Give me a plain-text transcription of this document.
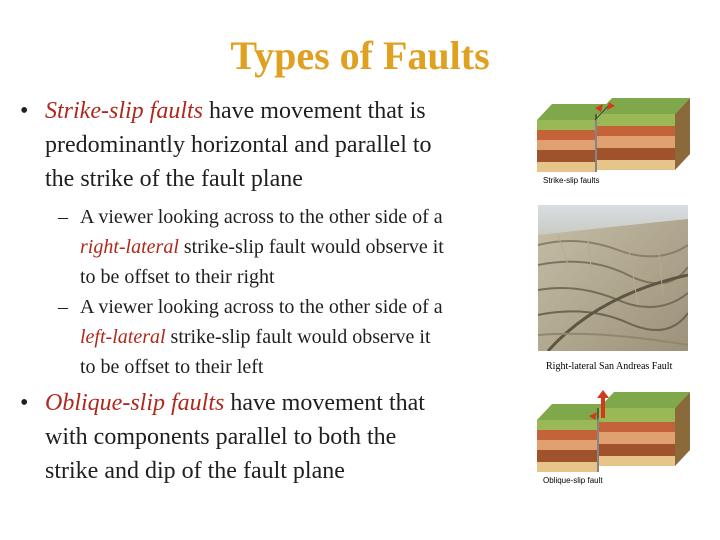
Types of Faults
• Strike-slip faults have movement that is
predominantly horizontal and parallel to
the strike of the fault plane
– A viewer looking across to the other side of a
right-lateral strike-slip fault would observe it
to be offset to their right
– A viewer looking across to the other side of a
left-lateral strike-slip fault would observe it
to be offset to their left
• Oblique-slip faults have movement that
with components parallel to both the
strike and dip of the fault plane
Strike-slip faults
Right-lateral San Andreas Fault
Oblique-slip fault
